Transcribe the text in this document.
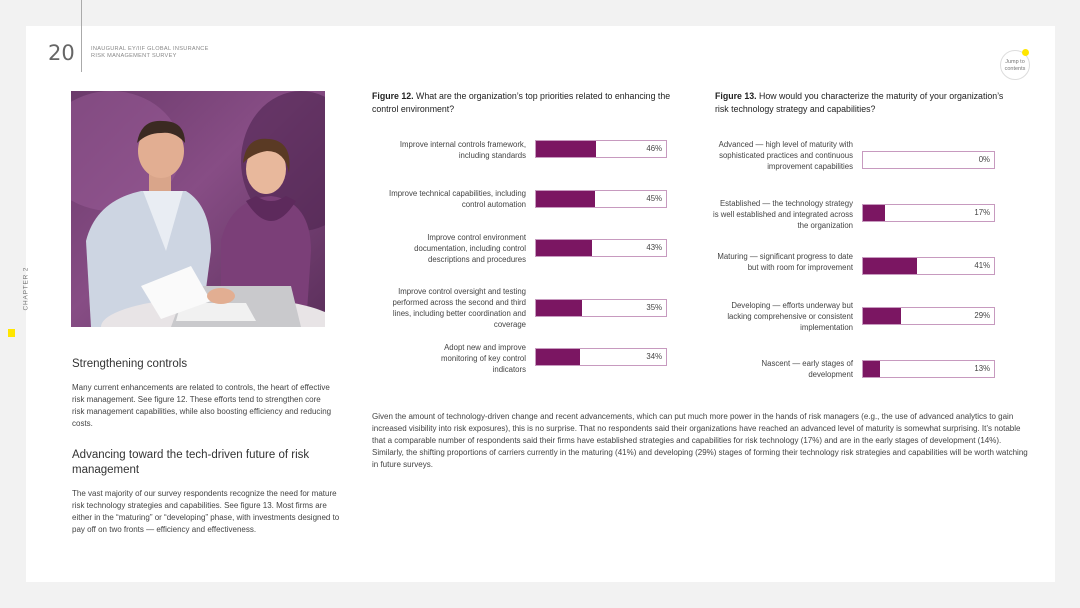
20	INAUGURAL EY/IIF GLOBAL INSURANCE
RISK MANAGEMENT SURVEY
Jump to
contents
CHAPTER 2
Strengthening controls
Many current enhancements are related to controls, the heart of effective risk management. See figure 12. These efforts tend to strengthen core risk management capabilities, while also boosting efficiency and reducing costs.
Advancing toward the tech-driven future of risk management
The vast majority of our survey respondents recognize the need for mature risk technology strategies and capabilities. See figure 13. Most firms are either in the “maturing” or “developing” phase, with investments designed to pay off on two fronts — efficiency and effectiveness.
Figure 12. What are the organization’s top priorities related to enhancing the control environment?
Figure 13. How would you characterize the maturity of your organization’s risk technology strategy and capabilities?
Improve internal controls framework, including standards
46%
Improve technical capabilities, including control automation
45%
Improve control environment documentation, including control descriptions and procedures
43%
Improve control oversight and testing performed across the second and third lines, including better coordination and coverage
35%
Adopt new and improve monitoring of key control indicators
34%
Advanced — high level of maturity with sophisticated practices and continuous improvement capabilities
0%
Established — the technology strategy is well established and integrated across the organization
17%
Maturing — significant progress to date but with room for improvement	41%
Developing — efforts underway but lacking comprehensive or consistent implementation
29%
Nascent — early stages of development
13%
Given the amount of technology-driven change and recent advancements, which can put much more power in the hands of risk managers (e.g., the use of advanced analytics to gain increased visibility into risk exposures), this is no surprise. That no respondents said their organizations have reached an advanced level of maturity is somewhat surprising. It’s notable that a comparable number of respondents said their firms have established strategies and capabilities for risk technology (17%) and are in the early stages of development (14%). Similarly, the shifting proportions of carriers currently in the maturing (41%) and developing (29%) stages of forming their technology risk strategies and capabilities will be worth watching in future surveys.
